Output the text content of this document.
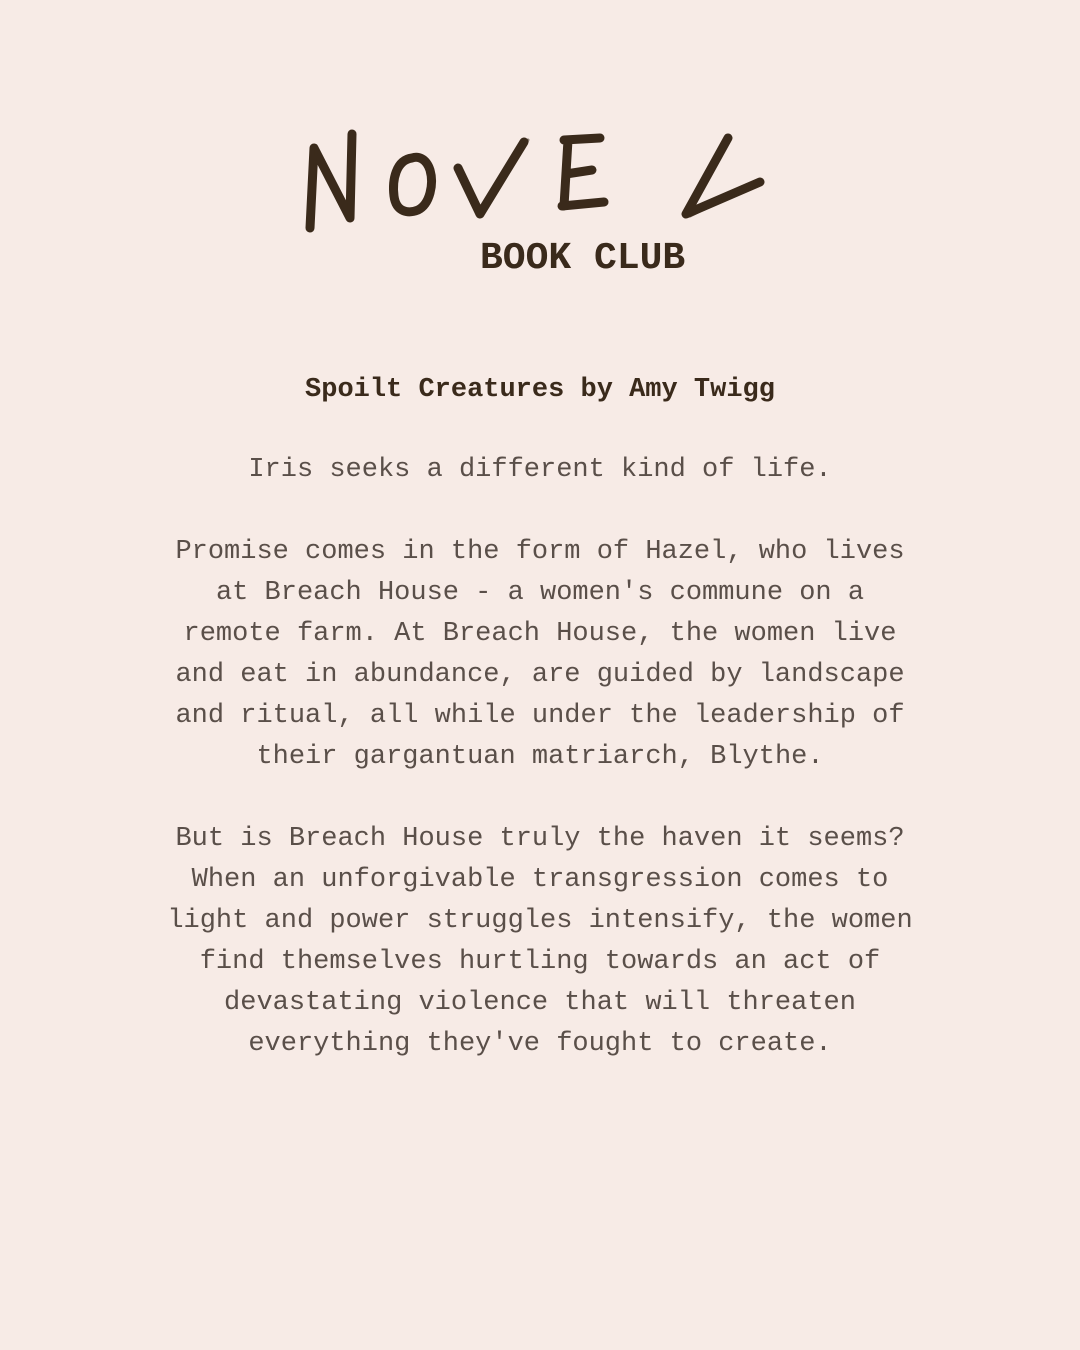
BOOK CLUB
Spoilt Creatures by Amy Twigg
Iris seeks a different kind of life.
Promise comes in the form of Hazel, who lives
at Breach House - a women's commune on a
remote farm. At Breach House, the women live
and eat in abundance, are guided by landscape
and ritual, all while under the leadership of
their gargantuan matriarch, Blythe.
But is Breach House truly the haven it seems?
When an unforgivable transgression comes to
light and power struggles intensify, the women
find themselves hurtling towards an act of
devastating violence that will threaten
everything they've fought to create.
